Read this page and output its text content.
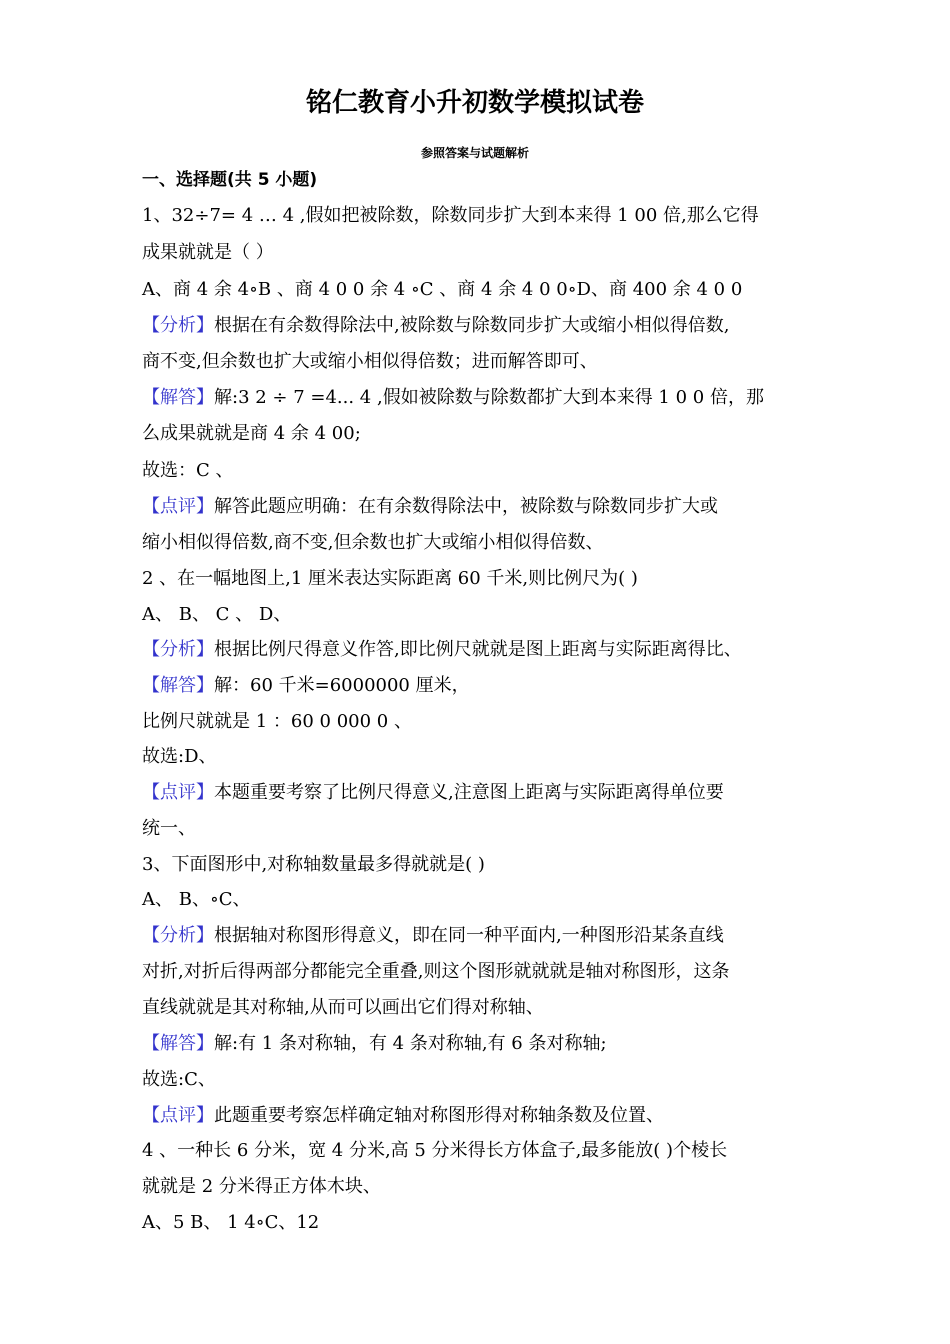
铭仁教育小升初数学模拟试卷
参照答案与试题解析
一、选择题(共 5 小题)
1、32÷7= 4 … 4 ,假如把被除数，除数同步扩大到本来得 1 00 倍,那么它得
成果就就是（ ）
A、商 4 余 4∘B 、商 4 0 0 余 4 ∘C 、商 4 余 4 0 0∘D、商 400 余 4 0 0
【分析】根据在有余数得除法中,被除数与除数同步扩大或缩小相似得倍数,
商不变,但余数也扩大或缩小相似得倍数；进而解答即可、
【解答】解:3 2 ÷ 7 =4... 4 ,假如被除数与除数都扩大到本来得 1 0 0 倍，那
么成果就就是商 4 余 4 00;
故选：C 、
【点评】解答此题应明确：在有余数得除法中，被除数与除数同步扩大或
缩小相似得倍数,商不变,但余数也扩大或缩小相似得倍数、
2 、在一幅地图上,1 厘米表达实际距离 60 千米,则比例尺为( )
A、 B、 C 、 D、
【分析】根据比例尺得意义作答,即比例尺就就是图上距离与实际距离得比、
【解答】解：60 千米=6000000 厘米，
比例尺就就是 1 ：60 0 000 0 、
故选:D、
【点评】本题重要考察了比例尺得意义,注意图上距离与实际距离得单位要
统一、
3、下面图形中,对称轴数量最多得就就是( )
A、 B、∘C、
【分析】根据轴对称图形得意义，即在同一种平面内,一种图形沿某条直线
对折,对折后得两部分都能完全重叠,则这个图形就就就是轴对称图形，这条
直线就就是其对称轴,从而可以画出它们得对称轴、
【解答】解:有 1 条对称轴，有 4 条对称轴,有 6 条对称轴;
故选:C、
【点评】此题重要考察怎样确定轴对称图形得对称轴条数及位置、
4 、一种长 6 分米，宽 4 分米,高 5 分米得长方体盒子,最多能放( )个棱长
就就是 2 分米得正方体木块、
A、5 B、 1 4∘C、12
